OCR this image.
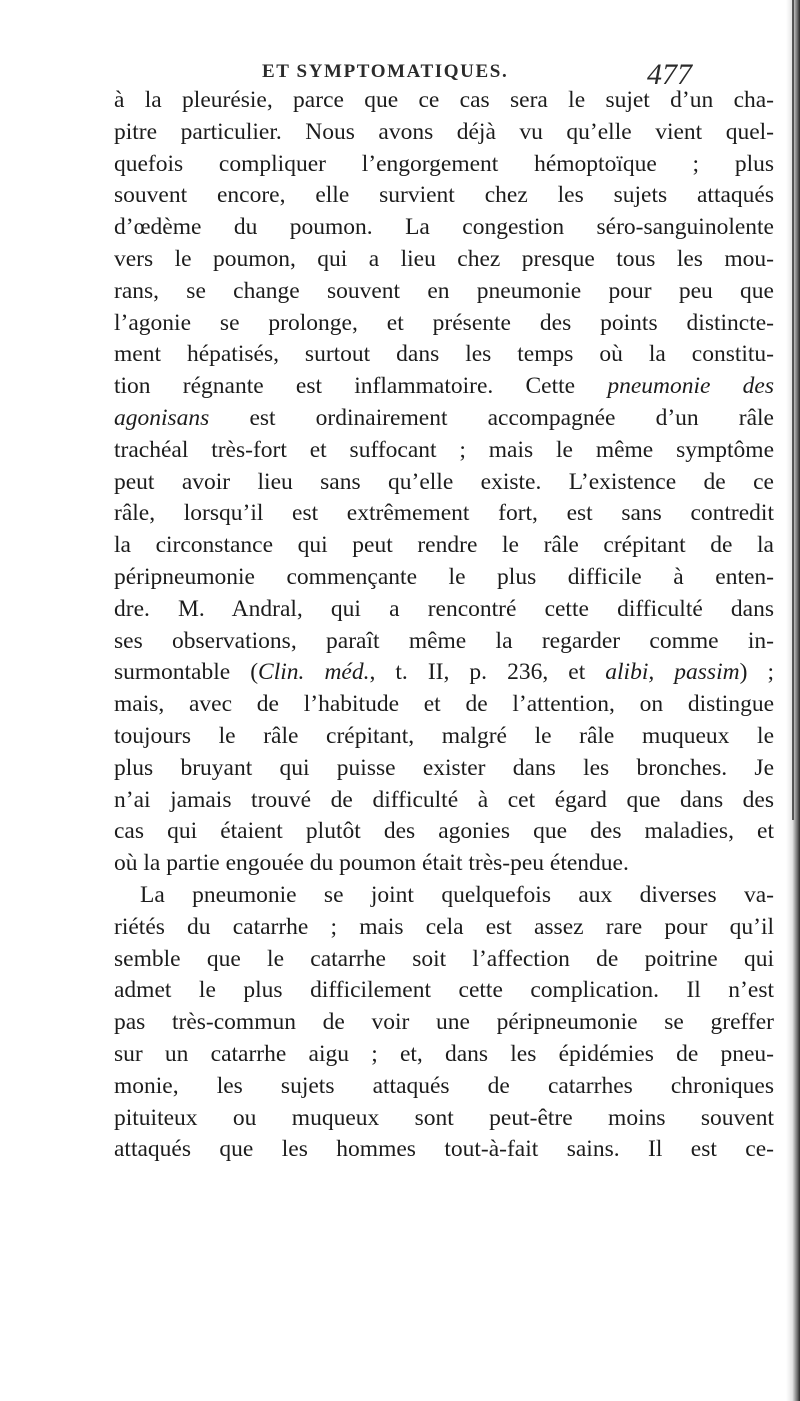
ET SYMPTOMATIQUES.	477
à la pleurésie, parce que ce cas sera le sujet d’un cha-
pitre particulier. Nous avons déjà vu qu’elle vient quel-
quefois compliquer l’engorgement hémoptoïque ; plus
souvent encore, elle survient chez les sujets attaqués
d’œdème du poumon. La congestion séro-sanguinolente
vers le poumon, qui a lieu chez presque tous les mou-
rans, se change souvent en pneumonie pour peu que
l’agonie se prolonge, et présente des points distincte-
ment hépatisés, surtout dans les temps où la constitu-
tion régnante est inflammatoire. Cette pneumonie des
agonisans est ordinairement accompagnée d’un râle
trachéal très-fort et suffocant ; mais le même symptôme
peut avoir lieu sans qu’elle existe. L’existence de ce
râle, lorsqu’il est extrêmement fort, est sans contredit
la circonstance qui peut rendre le râle crépitant de la
péripneumonie commençante le plus difficile à enten-
dre. M. Andral, qui a rencontré cette difficulté dans
ses observations, paraît même la regarder comme in-
surmontable (Clin. méd., t. II, p. 236, et alibi, passim) ;
mais, avec de l’habitude et de l’attention, on distingue
toujours le râle crépitant, malgré le râle muqueux le
plus bruyant qui puisse exister dans les bronches. Je
n’ai jamais trouvé de difficulté à cet égard que dans des
cas qui étaient plutôt des agonies que des maladies, et
où la partie engouée du poumon était très-peu étendue.
La pneumonie se joint quelquefois aux diverses va-
riétés du catarrhe ; mais cela est assez rare pour qu’il
semble que le catarrhe soit l’affection de poitrine qui
admet le plus difficilement cette complication. Il n’est
pas très-commun de voir une péripneumonie se greffer
sur un catarrhe aigu ; et, dans les épidémies de pneu-
monie, les sujets attaqués de catarrhes chroniques
pituiteux ou muqueux sont peut-être moins souvent
attaqués que les hommes tout-à-fait sains. Il est ce-
